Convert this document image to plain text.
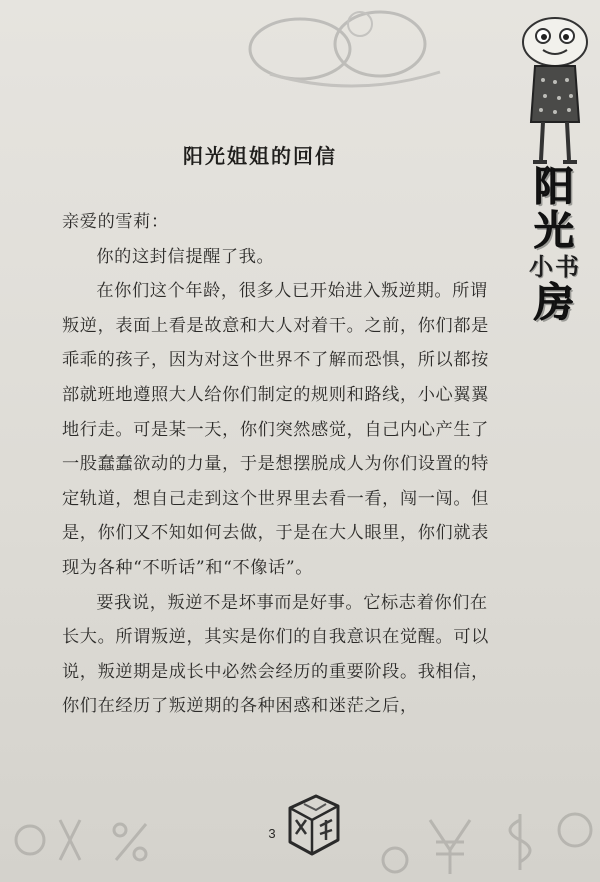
阳
光
小 书
房
阳光姐姐的回信

亲爱的雪莉：

你的这封信提醒了我。

在你们这个年龄，很多人已开始进入叛逆期。所谓叛逆，表面上看是故意和大人对着干。之前，你们都是乖乖的孩子，因为对这个世界不了解而恐惧，所以都按部就班地遵照大人给你们制定的规则和路线，小心翼翼地行走。可是某一天，你们突然感觉，自己内心产生了一股蠢蠢欲动的力量，于是想摆脱成人为你们设置的特定轨道，想自己走到这个世界里去看一看，闯一闯。但是，你们又不知如何去做，于是在大人眼里，你们就表现为各种“不听话”和“不像话”。

要我说，叛逆不是坏事而是好事。它标志着你们在长大。所谓叛逆，其实是你们的自我意识在觉醒。可以说，叛逆期是成长中必然会经历的重要阶段。我相信，你们在经历了叛逆期的各种困惑和迷茫之后，

3
